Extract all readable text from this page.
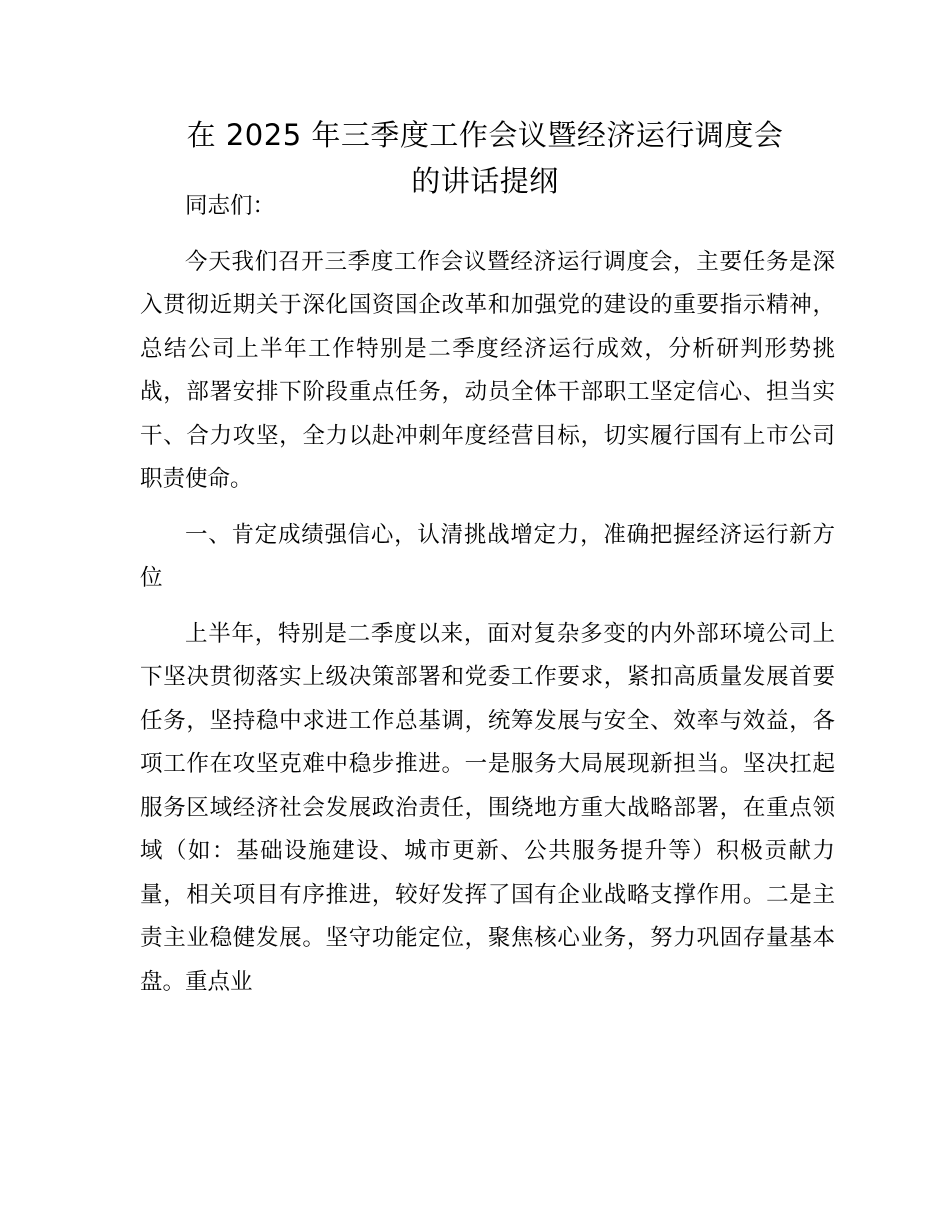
在 2025 年三季度工作会议暨经济运行调度会
的讲话提纲

同志们：

今天我们召开三季度工作会议暨经济运行调度会，主要任务是深入贯彻近期关于深化国资国企改革和加强党的建设的重要指示精神，总结公司上半年工作特别是二季度经济运行成效，分析研判形势挑战，部署安排下阶段重点任务，动员全体干部职工坚定信心、担当实干、合力攻坚，全力以赴冲刺年度经营目标，切实履行国有上市公司职责使命。

一、肯定成绩强信心，认清挑战增定力，准确把握经济运行新方位

上半年，特别是二季度以来，面对复杂多变的内外部环境公司上下坚决贯彻落实上级决策部署和党委工作要求，紧扣高质量发展首要任务，坚持稳中求进工作总基调，统筹发展与安全、效率与效益，各项工作在攻坚克难中稳步推进。一是服务大局展现新担当。坚决扛起服务区域经济社会发展政治责任，围绕地方重大战略部署，在重点领域（如：基础设施建设、城市更新、公共服务提升等）积极贡献力量，相关项目有序推进，较好发挥了国有企业战略支撑作用。二是主责主业稳健发展。坚守功能定位，聚焦核心业务，努力巩固存量基本盘。重点业
